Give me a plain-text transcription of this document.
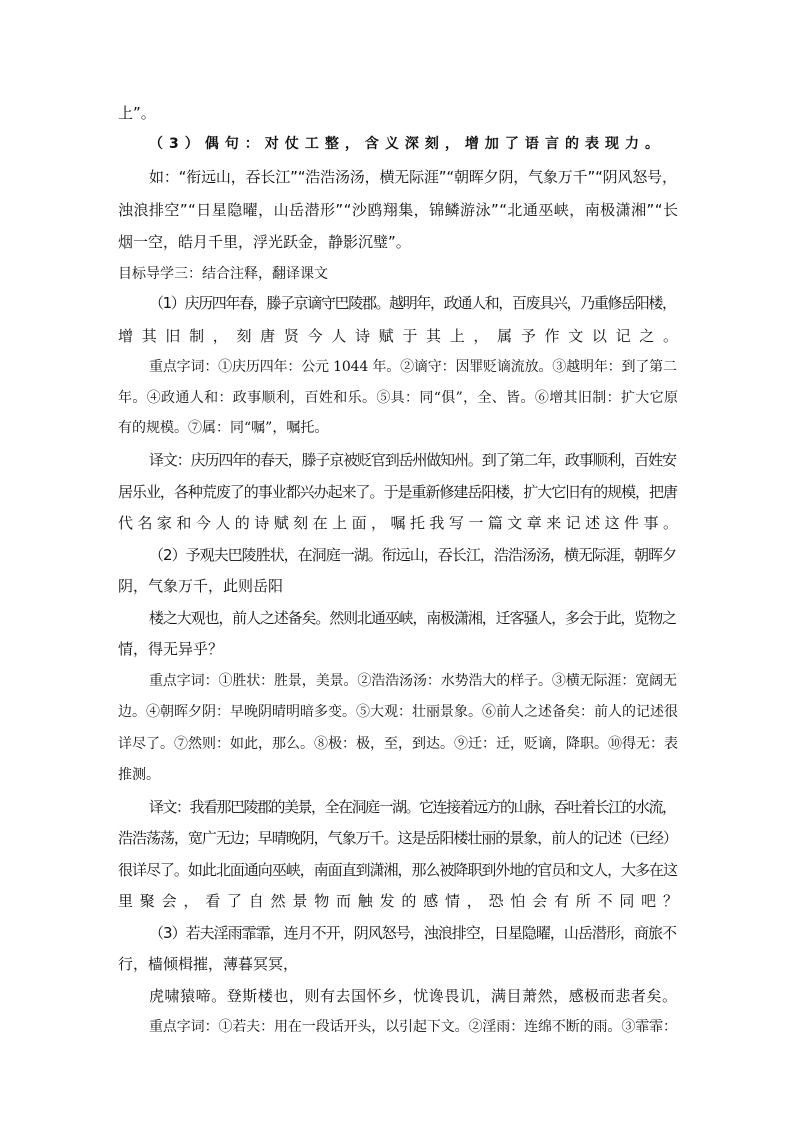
上”。
（3）偶句：对仗工整，含义深刻，增加了语言的表现力。
如：“衔远山，吞长江”“浩浩汤汤，横无际涯”“朝晖夕阴，气象万千”“阴风怒号，
浊浪排空”“日星隐曜，山岳潜形”“沙鸥翔集，锦鳞游泳”“北通巫峡，南极潇湘”“长
烟一空，皓月千里，浮光跃金，静影沉璧”。
目标导学三：结合注释，翻译课文
（1）庆历四年春，滕子京谪守巴陵郡。越明年，政通人和，百废具兴，乃重修岳阳楼，
增其旧制，刻唐贤今人诗赋于其上，属予作文以记之。
重点字词：①庆历四年：公元 1044 年。②谪守：因罪贬谪流放。③越明年：到了第二
年。④政通人和：政事顺利，百姓和乐。⑤具：同“俱”，全、皆。⑥增其旧制：扩大它原
有的规模。⑦属：同“嘱”，嘱托。
译文：庆历四年的春天，滕子京被贬官到岳州做知州。到了第二年，政事顺利，百姓安
居乐业，各种荒废了的事业都兴办起来了。于是重新修建岳阳楼，扩大它旧有的规模，把唐
代名家和今人的诗赋刻在上面，嘱托我写一篇文章来记述这件事。
（2）予观夫巴陵胜状，在洞庭一湖。衔远山，吞长江，浩浩汤汤，横无际涯，朝晖夕
阴，气象万千，此则岳阳
楼之大观也，前人之述备矣。然则北通巫峡，南极潇湘，迁客骚人，多会于此，览物之
情，得无异乎？
重点字词：①胜状：胜景，美景。②浩浩汤汤：水势浩大的样子。③横无际涯：宽阔无
边。④朝晖夕阴：早晚阴晴明暗多变。⑤大观：壮丽景象。⑥前人之述备矣：前人的记述很
详尽了。⑦然则：如此，那么。⑧极：极，至，到达。⑨迁：迁，贬谪，降职。⑩得无：表
推测。
译文：我看那巴陵郡的美景，全在洞庭一湖。它连接着远方的山脉，吞吐着长江的水流，
浩浩荡荡，宽广无边；早晴晚阴，气象万千。这是岳阳楼壮丽的景象，前人的记述（已经）
很详尽了。如此北面通向巫峡，南面直到潇湘，那么被降职到外地的官员和文人，大多在这
里聚会，看了自然景物而触发的感情，恐怕会有所不同吧？
（3）若夫淫雨霏霏，连月不开，阴风怒号，浊浪排空，日星隐曜，山岳潜形，商旅不
行，樯倾楫摧，薄暮冥冥，
虎啸猿啼。登斯楼也，则有去国怀乡，忧谗畏讥，满目萧然，感极而悲者矣。
重点字词：①若夫：用在一段话开头，以引起下文。②淫雨：连绵不断的雨。③霏霏：
